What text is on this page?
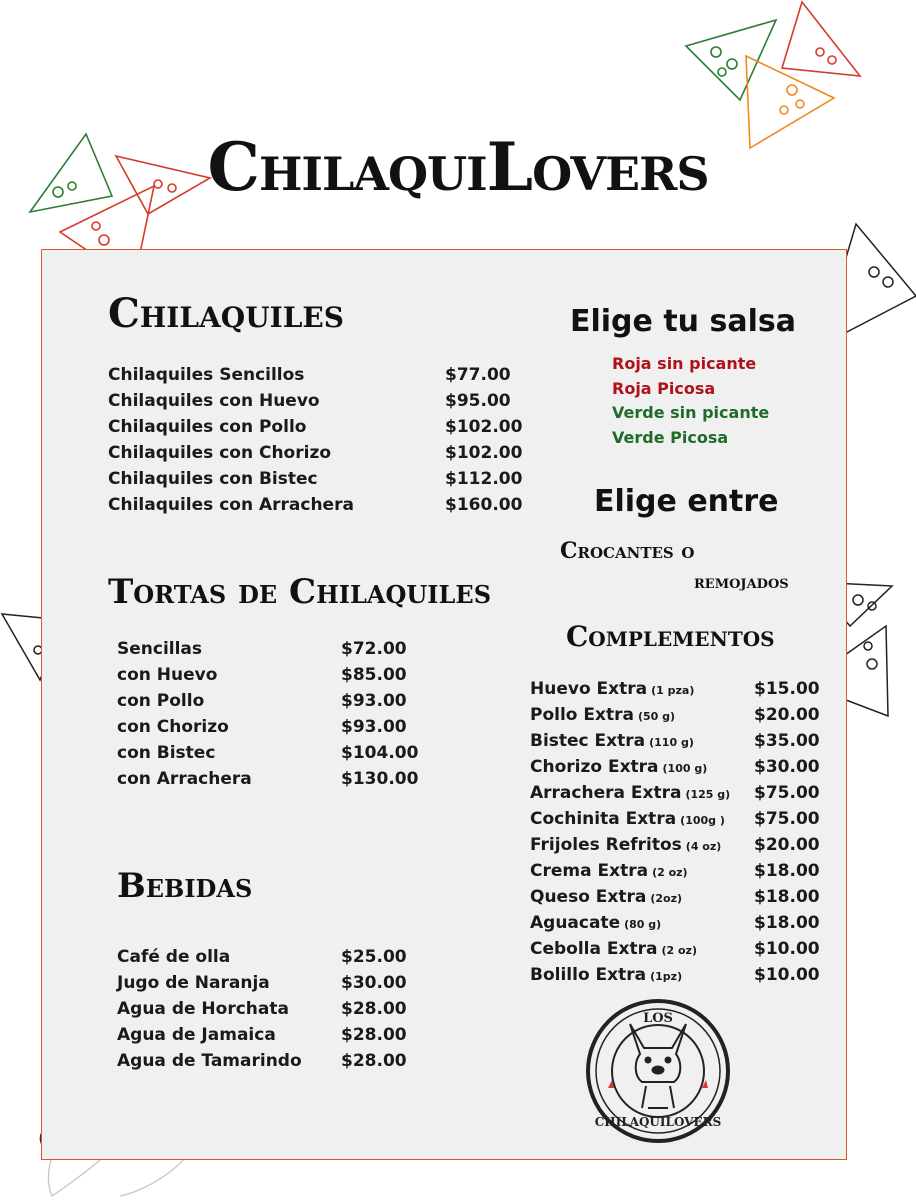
ChilaquiLovers
Chilaquiles
Chilaquiles Sencillos	$77.00
Chilaquiles con Huevo	$95.00
Chilaquiles con Pollo	$102.00
Chilaquiles con Chorizo	$102.00
Chilaquiles con Bistec	$112.00
Chilaquiles con Arrachera	$160.00
Tortas de Chilaquiles
Sencillas	$72.00
con Huevo	$85.00
con Pollo	$93.00
con Chorizo	$93.00
con Bistec	$104.00
con Arrachera	$130.00
Bebidas
Café de olla	$25.00
Jugo de Naranja	$30.00
Agua de Horchata	$28.00
Agua de Jamaica	$28.00
Agua de Tamarindo $28.00
Elige tu salsa
Roja sin picante
Roja Picosa
Verde sin picante
Verde Picosa
Elige entre

Crocantes o

remojados

Complementos
Huevo Extra (1 pza)	$15.00
Pollo Extra (50 g)	$20.00
Bistec Extra (110 g)	$35.00
Chorizo Extra (100 g)	$30.00
Arrachera Extra (125 g) $75.00
Cochinita Extra (100g ) $75.00
Frijoles Refritos (4 oz) $20.00
Crema Extra (2 oz)	$18.00
Queso Extra (2oz)	$18.00
Aguacate (80 g)	$18.00
Cebolla Extra (2 oz)	$10.00
Bolillo Extra (1pz)	$10.00
LOS
CHILAQUILOVERS
